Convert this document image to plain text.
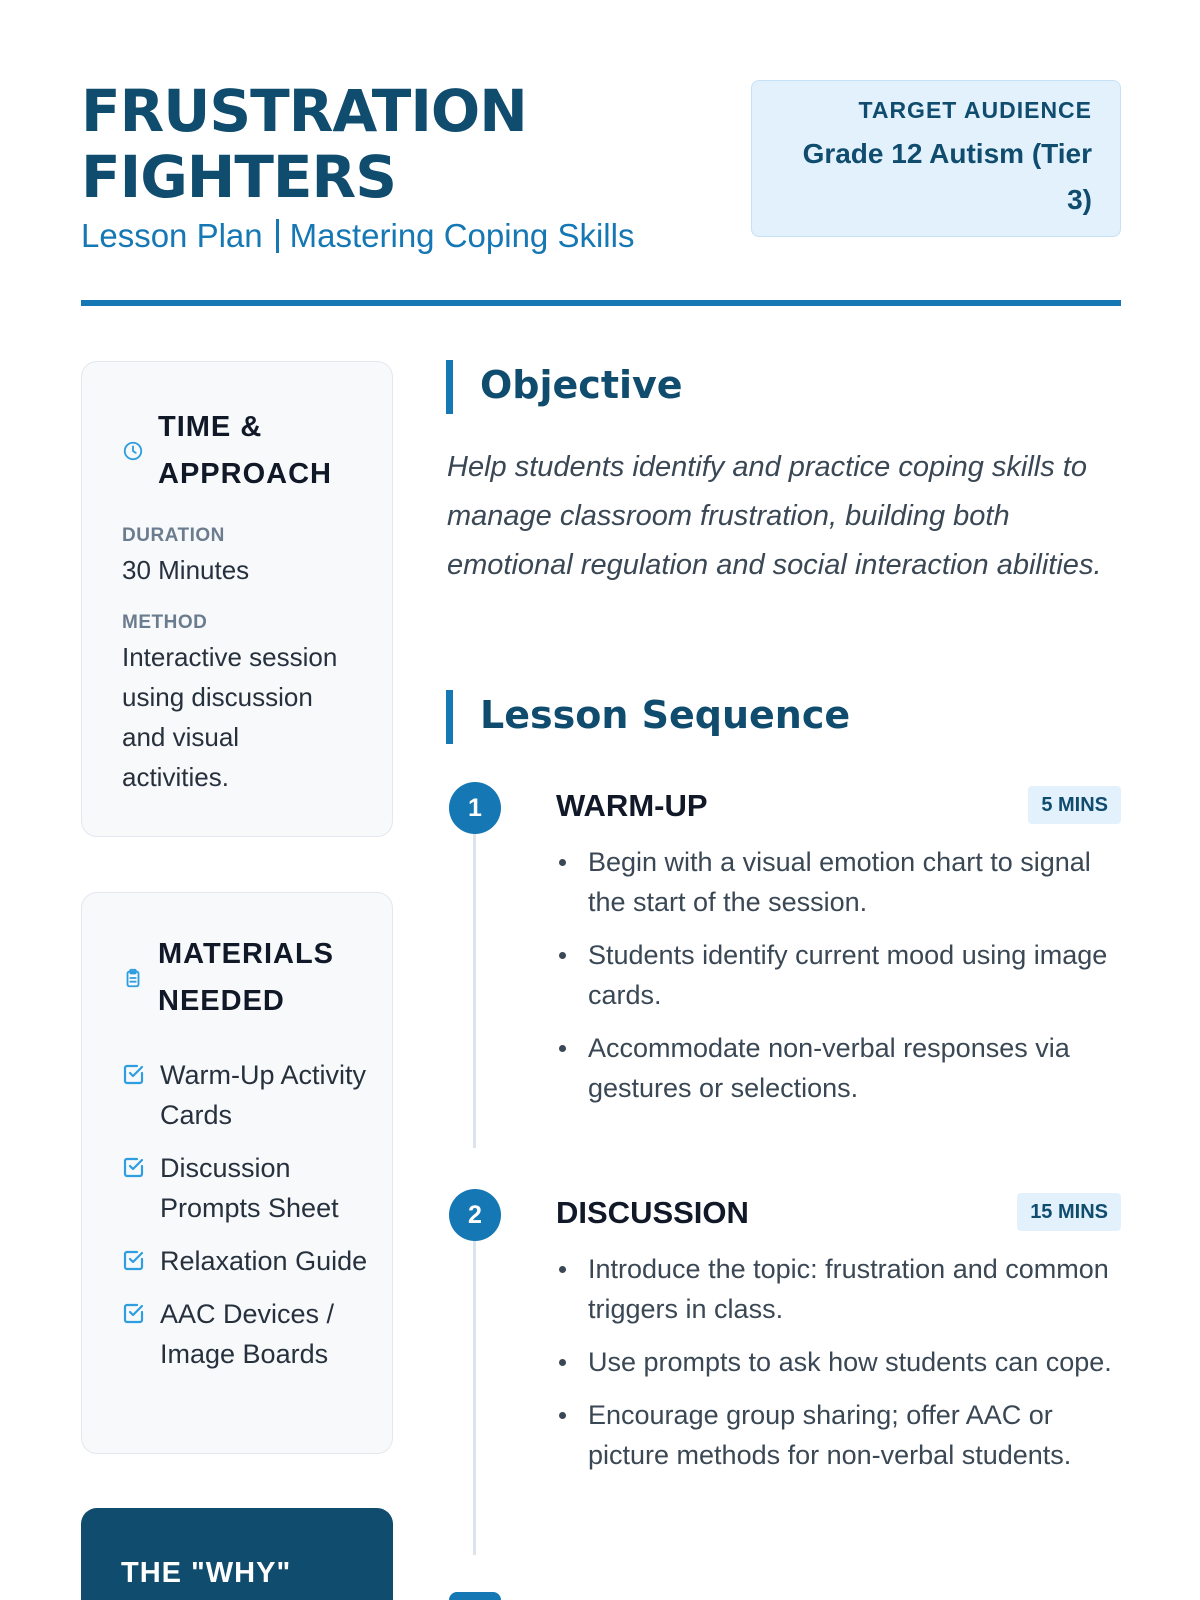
FRUSTRATION
FIGHTERS
Lesson Plan Mastering Coping Skills
TARGET AUDIENCE
Grade 12 Autism (Tier 3)
TIME & APPROACH
DURATION
30 Minutes
METHOD
Interactive session using discussion and visual activities.
MATERIALS NEEDED
Warm-Up Activity Cards
Discussion Prompts Sheet
Relaxation Guide
AAC Devices / Image Boards
THE "WHY"
Objective

Help students identify and practice coping skills to manage classroom frustration, building both emotional regulation and social interaction abilities.

Lesson Sequence
1	WARM-UP	5 MINS
Begin with a visual emotion chart to signal the start of the session.
Students identify current mood using image cards.
Accommodate non-verbal responses via gestures or selections.
2	DISCUSSION	15 MINS
Introduce the topic: frustration and common triggers in class.
Use prompts to ask how students can cope.
Encourage group sharing; offer AAC or picture methods for non-verbal students.
